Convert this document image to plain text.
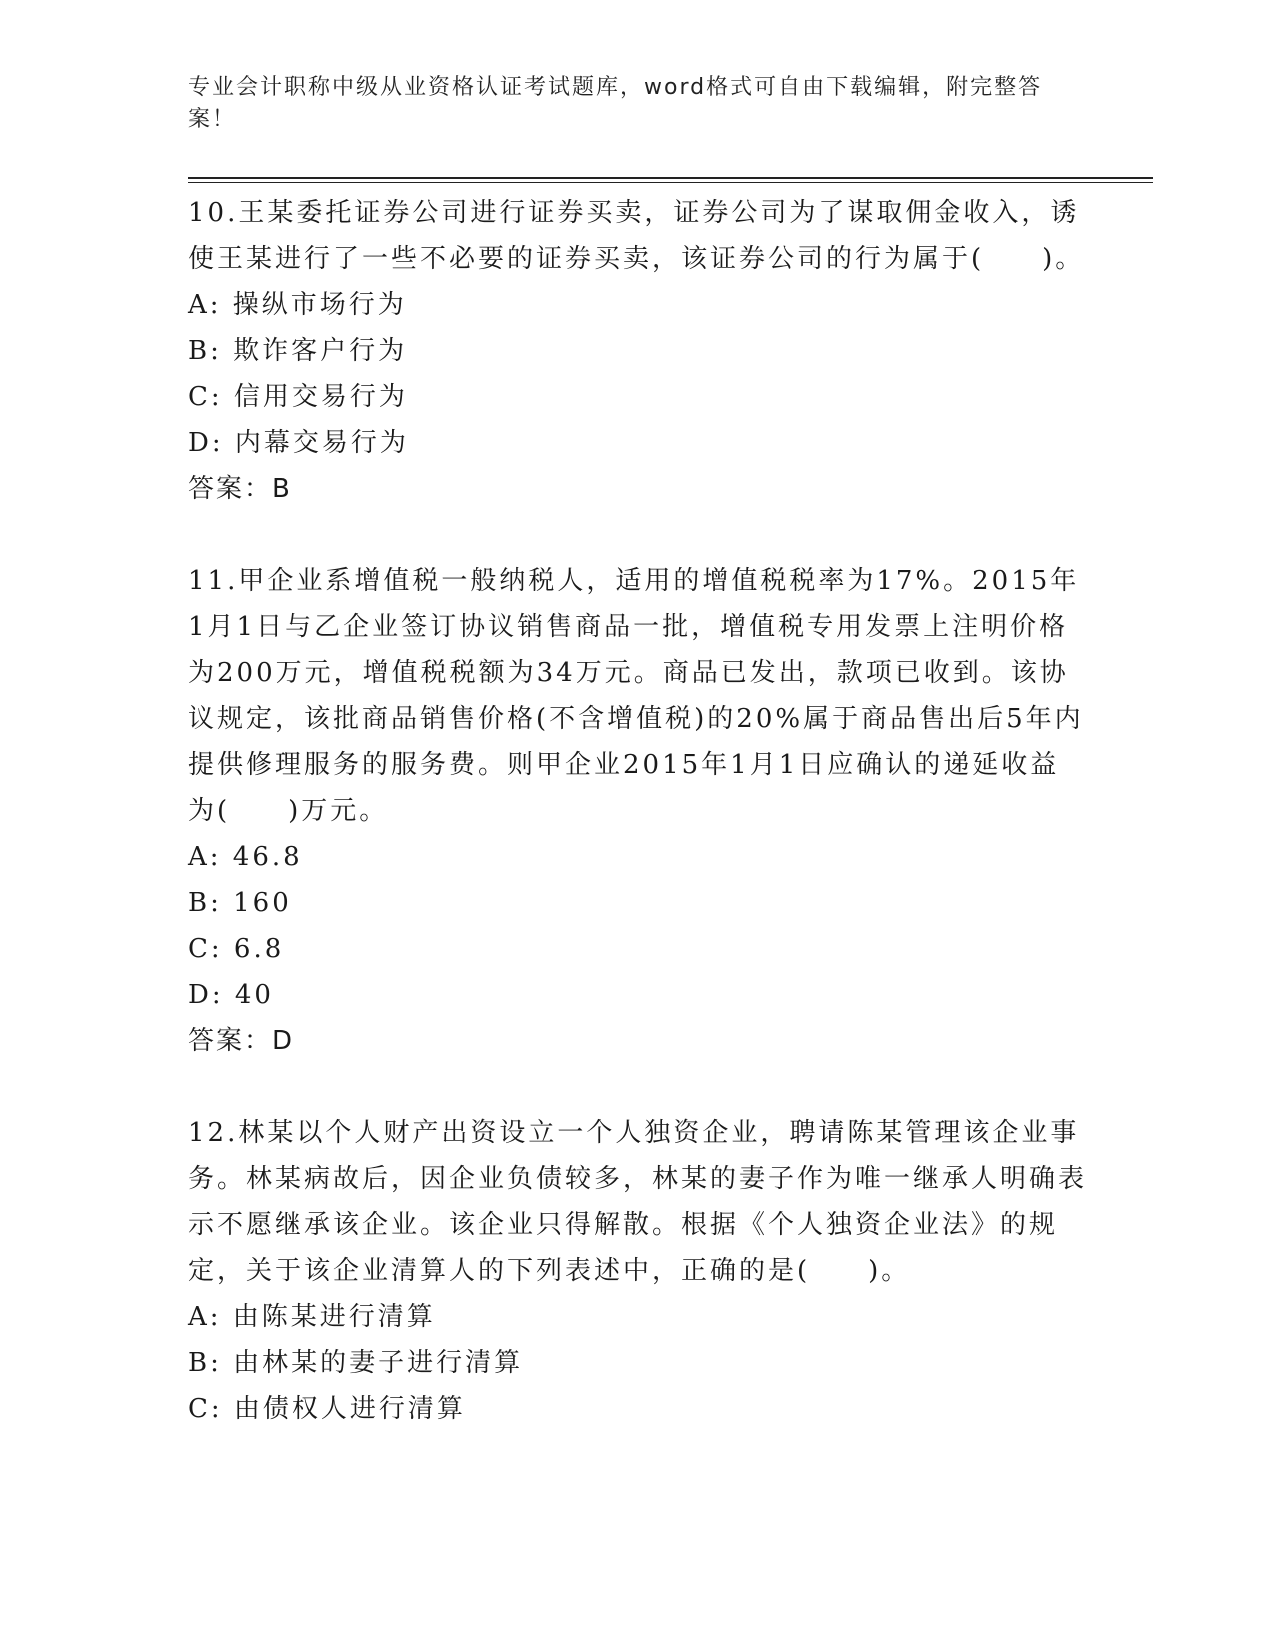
专业会计职称中级从业资格认证考试题库，word格式可自由下载编辑，附完整答案！

10.王某委托证券公司进行证券买卖，证券公司为了谋取佣金收入，诱使王某进行了一些不必要的证券买卖，该证券公司的行为属于(　　)。

A: 操纵市场行为

B: 欺诈客户行为

C: 信用交易行为

D: 内幕交易行为

答案：B

11.甲企业系增值税一般纳税人，适用的增值税税率为17%。2015年1月1日与乙企业签订协议销售商品一批，增值税专用发票上注明价格为200万元，增值税税额为34万元。商品已发出，款项已收到。该协议规定，该批商品销售价格(不含增值税)的20%属于商品售出后5年内提供修理服务的服务费。则甲企业2015年1月1日应确认的递延收益为(　　)万元。

A: 46.8

B: 160

C: 6.8

D: 40

答案：D

12.林某以个人财产出资设立一个人独资企业，聘请陈某管理该企业事务。林某病故后，因企业负债较多，林某的妻子作为唯一继承人明确表示不愿继承该企业。该企业只得解散。根据《个人独资企业法》的规定，关于该企业清算人的下列表述中，正确的是(　　)。

A: 由陈某进行清算

B: 由林某的妻子进行清算

C: 由债权人进行清算
